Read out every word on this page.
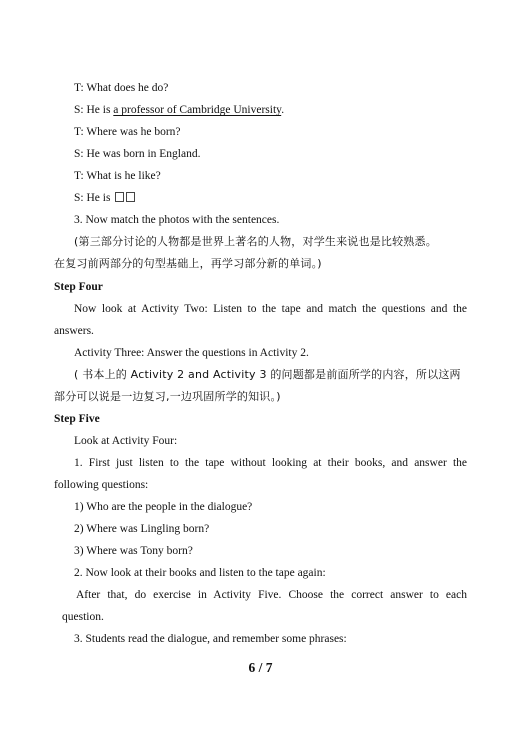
T: What does he do?
S: He is a professor of Cambridge University.
T: Where was he born?
S: He was born in England.
T: What is he like?
S: He is
3. Now match the photos with the sentences.
(第三部分讨论的人物都是世界上著名的人物，对学生来说也是比较熟悉。
在复习前两部分的句型基础上，再学习部分新的单词。)
Step Four
Now look at Activity Two: Listen to the tape and match the questions and the
answers.
Activity Three: Answer the questions in Activity 2.
( 书本上的 Activity 2 and Activity 3 的问题都是前面所学的内容，所以这两
部分可以说是一边复习,一边巩固所学的知识。)
Step Five
Look at Activity Four:
1. First just listen to the tape without looking at their books, and answer the
following questions:
1) Who are the people in the dialogue?
2) Where was Lingling born?
3) Where was Tony born?
2. Now look at their books and listen to the tape again:
After that, do exercise in Activity Five. Choose the correct answer to each
question.
3. Students read the dialogue, and remember some phrases:
6 / 7
